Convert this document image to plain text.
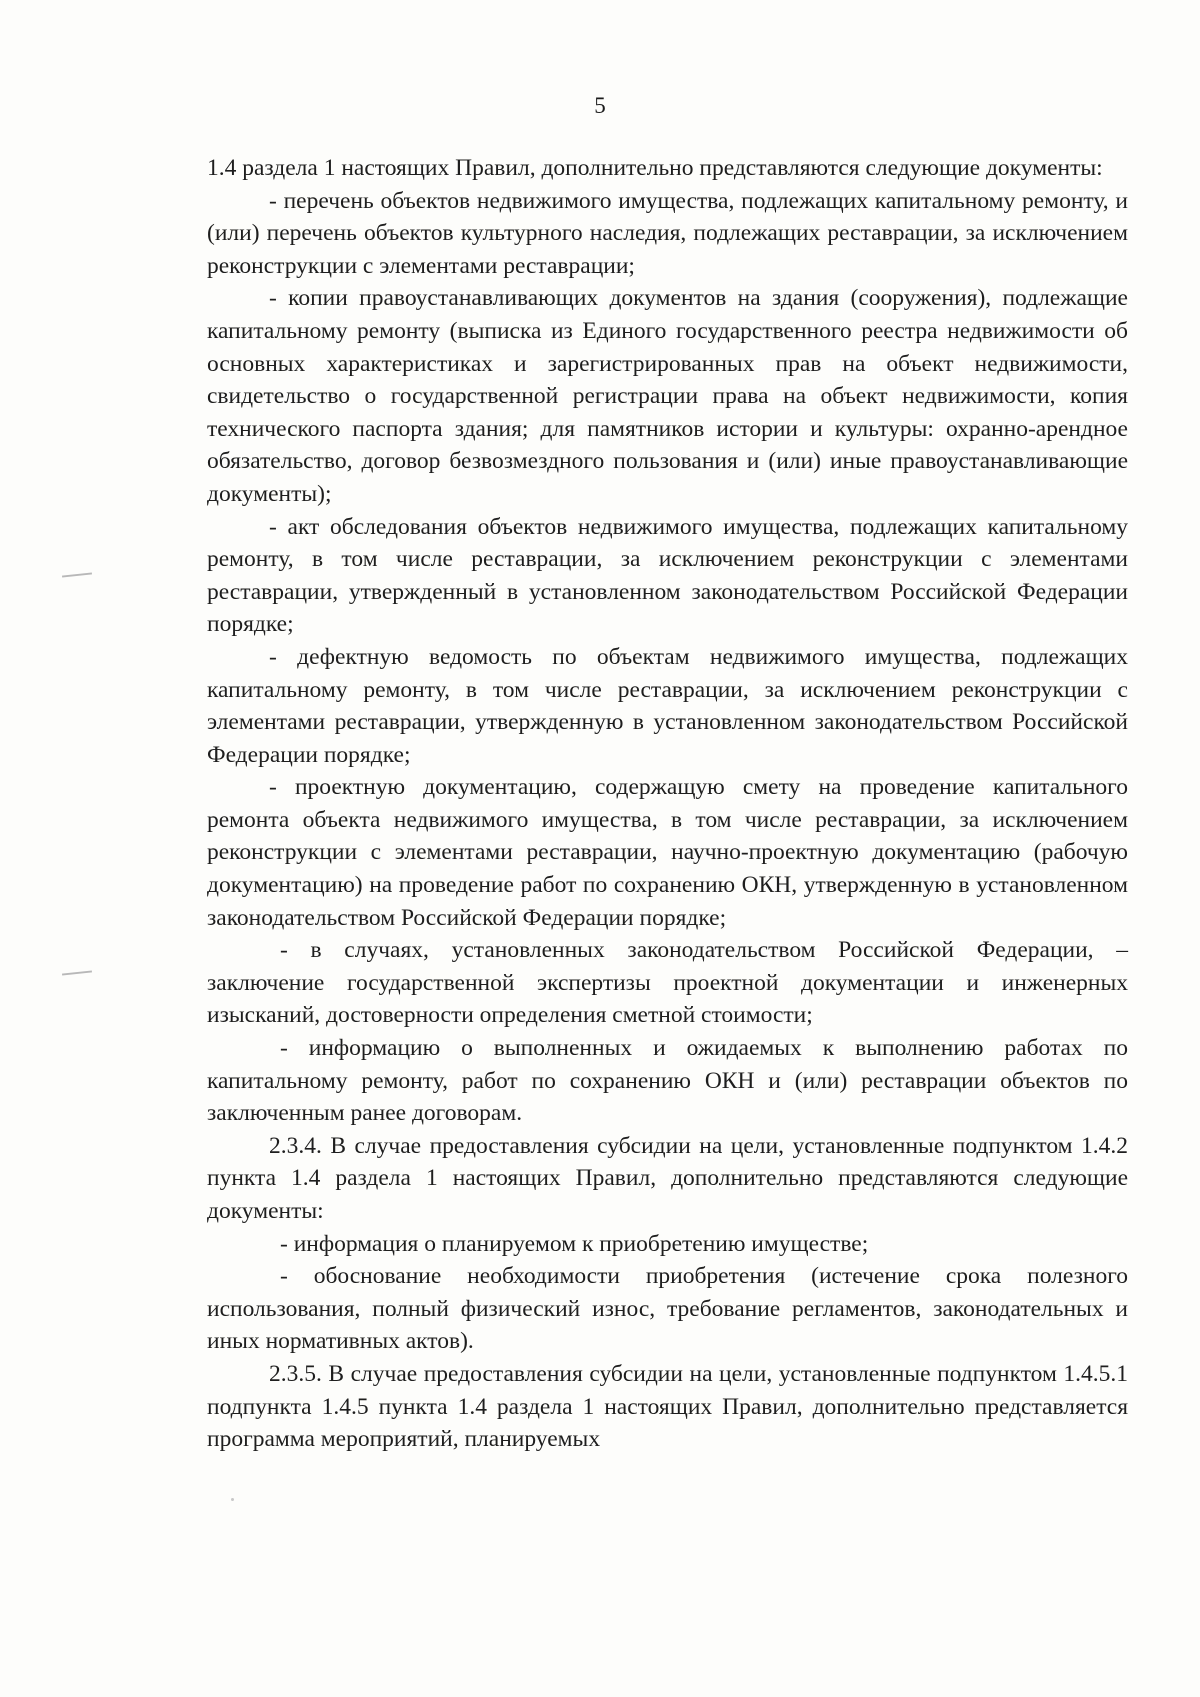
5

1.4 раздела 1 настоящих Правил, дополнительно представляются следующие документы:

- перечень объектов недвижимого имущества, подлежащих капитальному ремонту, и (или) перечень объектов культурного наследия, подлежащих реставрации, за исключением реконструкции с элементами реставрации;

- копии правоустанавливающих документов на здания (сооружения), подлежащие капитальному ремонту (выписка из Единого государственного реестра недвижимости об основных характеристиках и зарегистрированных прав на объект недвижимости, свидетельство о государственной регистрации права на объект недвижимости, копия технического паспорта здания; для памятников истории и культуры: охранно-арендное обязательство, договор безвозмездного пользования и (или) иные правоустанавливающие документы);

- акт обследования объектов недвижимого имущества, подлежащих капитальному ремонту, в том числе реставрации, за исключением реконструкции с элементами реставрации, утвержденный в установленном законодательством Российской Федерации порядке;

- дефектную ведомость по объектам недвижимого имущества, подлежащих капитальному ремонту, в том числе реставрации, за исключением реконструкции с элементами реставрации, утвержденную в установленном законодательством Российской Федерации порядке;

- проектную документацию, содержащую смету на проведение капитального ремонта объекта недвижимого имущества, в том числе реставрации, за исключением реконструкции с элементами реставрации, научно-проектную документацию (рабочую документацию) на проведение работ по сохранению ОКН, утвержденную в установленном законодательством Российской Федерации порядке;

- в случаях, установленных законодательством Российской Федерации, – заключение государственной экспертизы проектной документации и инженерных изысканий, достоверности определения сметной стоимости;

- информацию о выполненных и ожидаемых к выполнению работах по капитальному ремонту, работ по сохранению ОКН и (или) реставрации объектов по заключенным ранее договорам.

2.3.4. В случае предоставления субсидии на цели, установленные подпунктом 1.4.2 пункта 1.4 раздела 1 настоящих Правил, дополнительно представляются следующие документы:

- информация о планируемом к приобретению имуществе;

- обоснование необходимости приобретения (истечение срока полезного использования, полный физический износ, требование регламентов, законодательных и иных нормативных актов).

2.3.5. В случае предоставления субсидии на цели, установленные подпунктом 1.4.5.1 подпункта 1.4.5 пункта 1.4 раздела 1 настоящих Правил, дополнительно представляется программа мероприятий, планируемых
